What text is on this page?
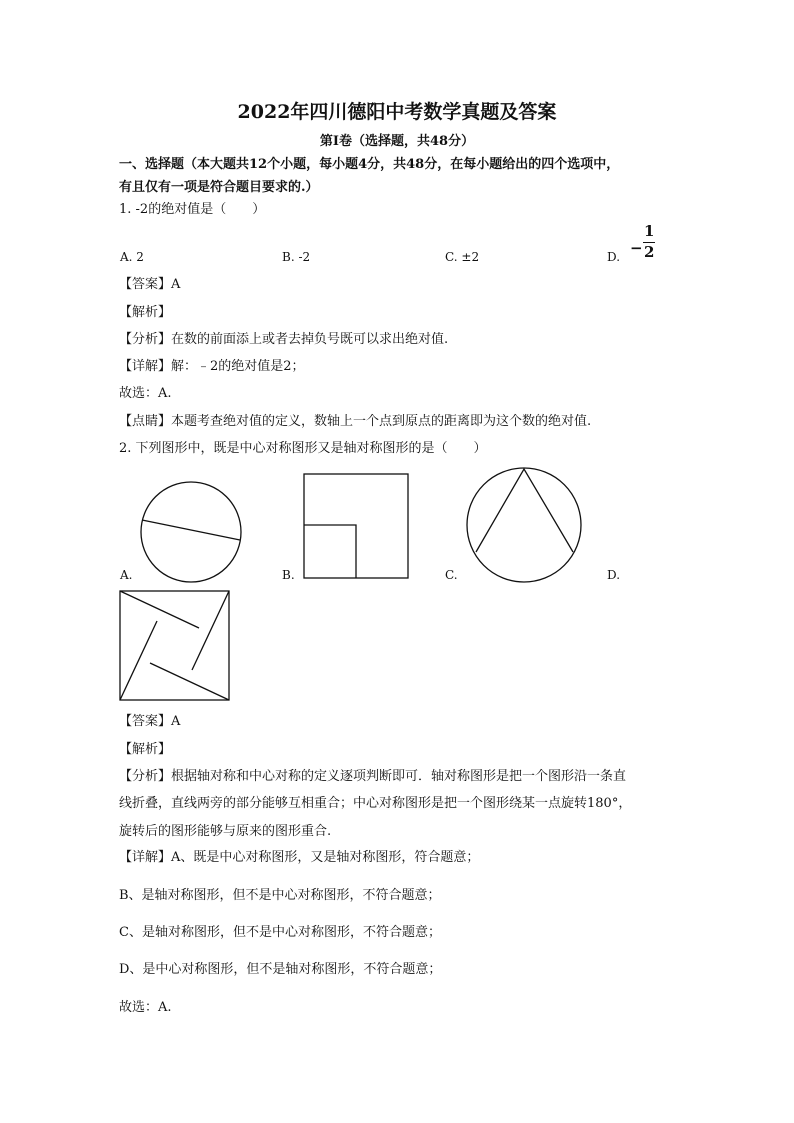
2022年四川德阳中考数学真题及答案
第Ⅰ卷（选择题，共48分）
一、选择题（本大题共12个小题，每小题4分，共48分，在每小题给出的四个选项中，
有且仅有一项是符合题目要求的.）
1. -2的绝对值是（　　）
A. 2	B. -2	C. ±2	D. −
1
2
【答案】A
【解析】
【分析】在数的前面添上或者去掉负号既可以求出绝对值.
【详解】解：﹣2的绝对值是2；
故选：A.
【点睛】本题考查绝对值的定义，数轴上一个点到原点的距离即为这个数的绝对值.
2. 下列图形中，既是中心对称图形又是轴对称图形的是（　　）
A.	B.	C.	D.
【答案】A
【解析】
【分析】根据轴对称和中心对称的定义逐项判断即可．轴对称图形是把一个图形沿一条直
线折叠，直线两旁的部分能够互相重合；中心对称图形是把一个图形绕某一点旋转180°，
旋转后的图形能够与原来的图形重合.
【详解】A、既是中心对称图形，又是轴对称图形，符合题意；
B、是轴对称图形，但不是中心对称图形，不符合题意；
C、是轴对称图形，但不是中心对称图形，不符合题意；
D、是中心对称图形，但不是轴对称图形，不符合题意；
故选：A.
